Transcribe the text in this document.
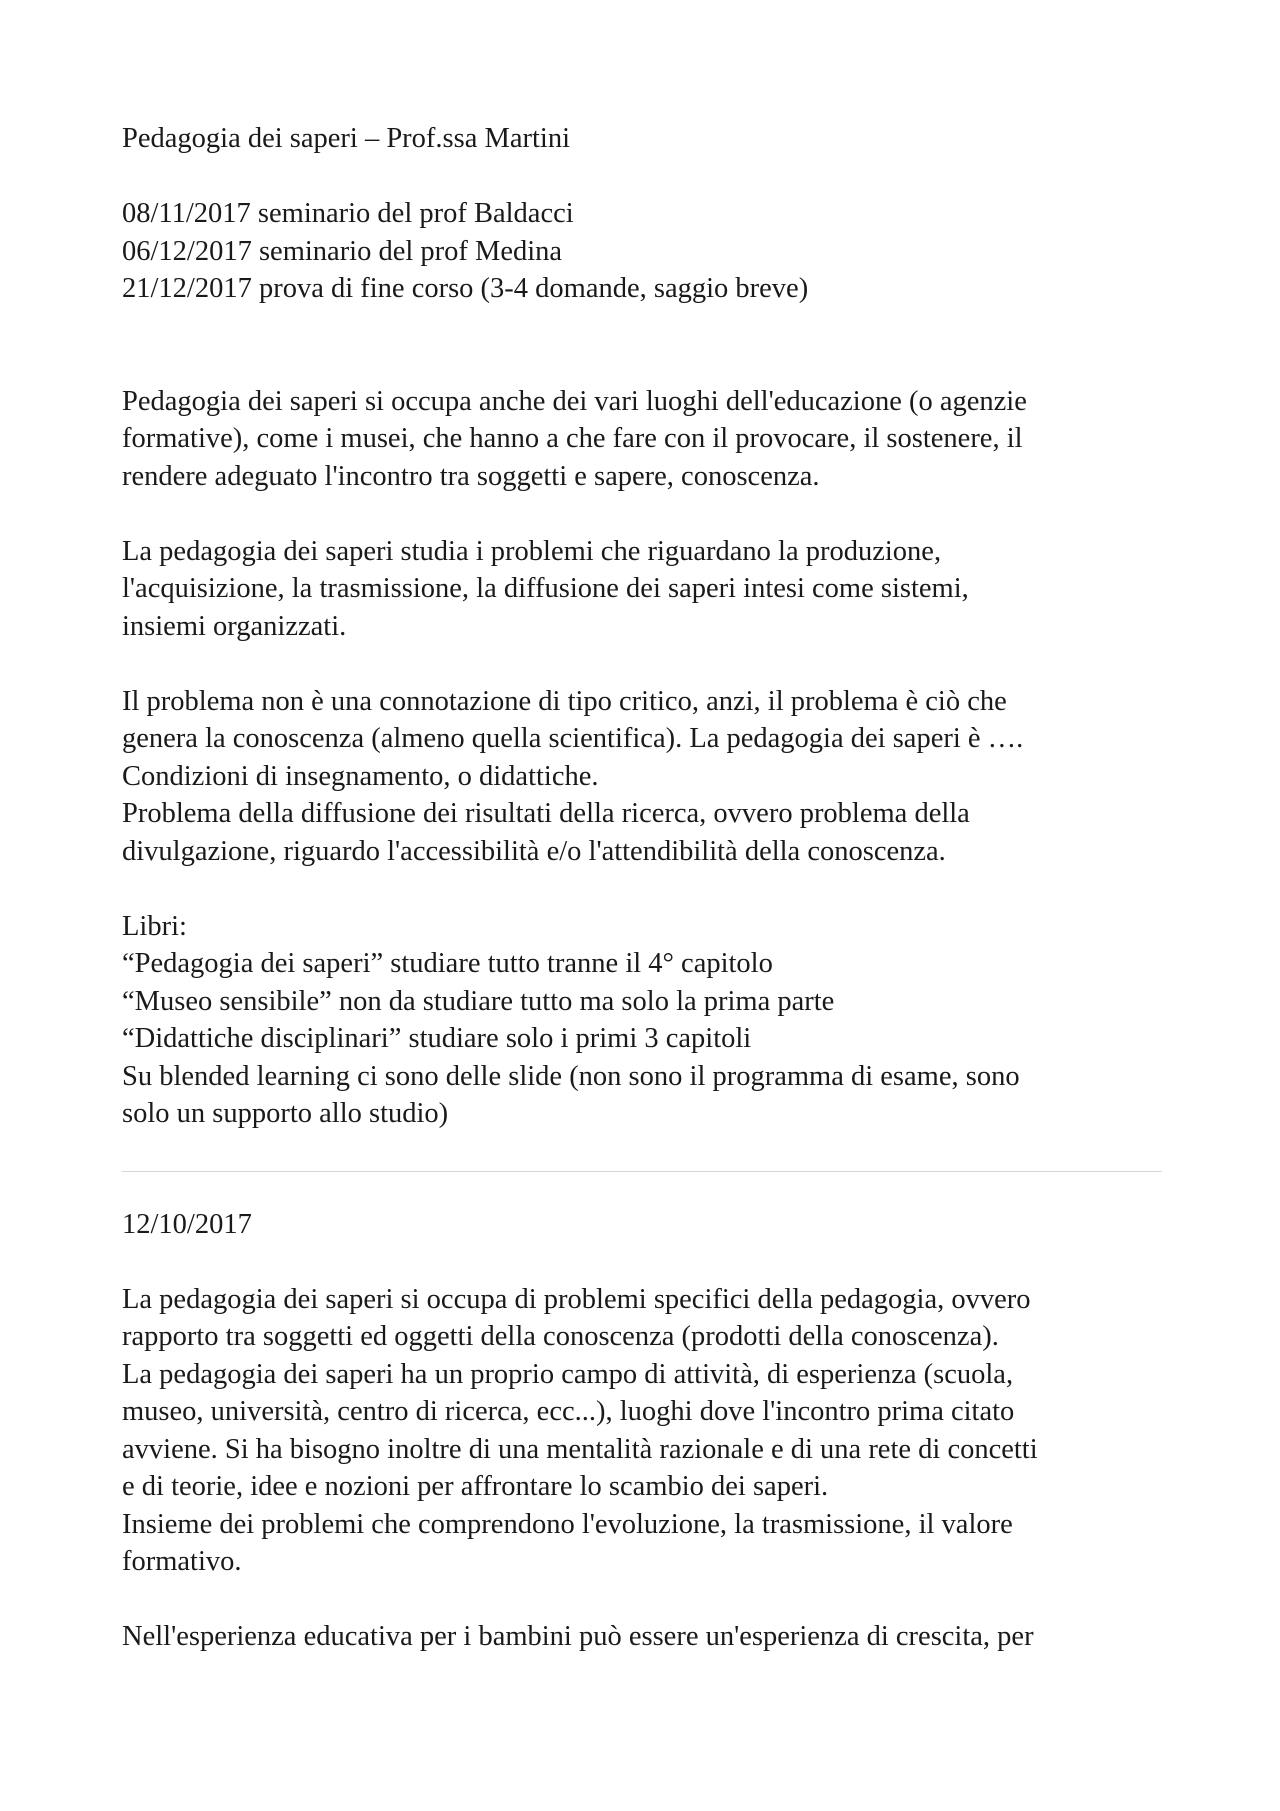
Pedagogia dei saperi – Prof.ssa Martini
08/11/2017 seminario del prof Baldacci
06/12/2017 seminario del prof Medina
21/12/2017 prova di fine corso (3-4 domande, saggio breve)
Pedagogia dei saperi si occupa anche dei vari luoghi dell'educazione (o agenzie
formative), come i musei, che hanno a che fare con il provocare, il sostenere, il
rendere adeguato l'incontro tra soggetti e sapere, conoscenza.
La pedagogia dei saperi studia i problemi che riguardano la produzione,
l'acquisizione, la trasmissione, la diffusione dei saperi intesi come sistemi,
insiemi organizzati.
Il problema non è una connotazione di tipo critico, anzi, il problema è ciò che
genera la conoscenza (almeno quella scientifica). La pedagogia dei saperi è ….
Condizioni di insegnamento, o didattiche.
Problema della diffusione dei risultati della ricerca, ovvero problema della
divulgazione, riguardo l'accessibilità e/o l'attendibilità della conoscenza.
Libri:
“Pedagogia dei saperi” studiare tutto tranne il 4° capitolo
“Museo sensibile” non da studiare tutto ma solo la prima parte
“Didattiche disciplinari” studiare solo i primi 3 capitoli
Su blended learning ci sono delle slide (non sono il programma di esame, sono
solo un supporto allo studio)
12/10/2017
La pedagogia dei saperi si occupa di problemi specifici della pedagogia, ovvero
rapporto tra soggetti ed oggetti della conoscenza (prodotti della conoscenza).
La pedagogia dei saperi ha un proprio campo di attività, di esperienza (scuola,
museo, università, centro di ricerca, ecc...), luoghi dove l'incontro prima citato
avviene. Si ha bisogno inoltre di una mentalità razionale e di una rete di concetti
e di teorie, idee e nozioni per affrontare lo scambio dei saperi.
Insieme dei problemi che comprendono l'evoluzione, la trasmissione, il valore
formativo.
Nell'esperienza educativa per i bambini può essere un'esperienza di crescita, per
